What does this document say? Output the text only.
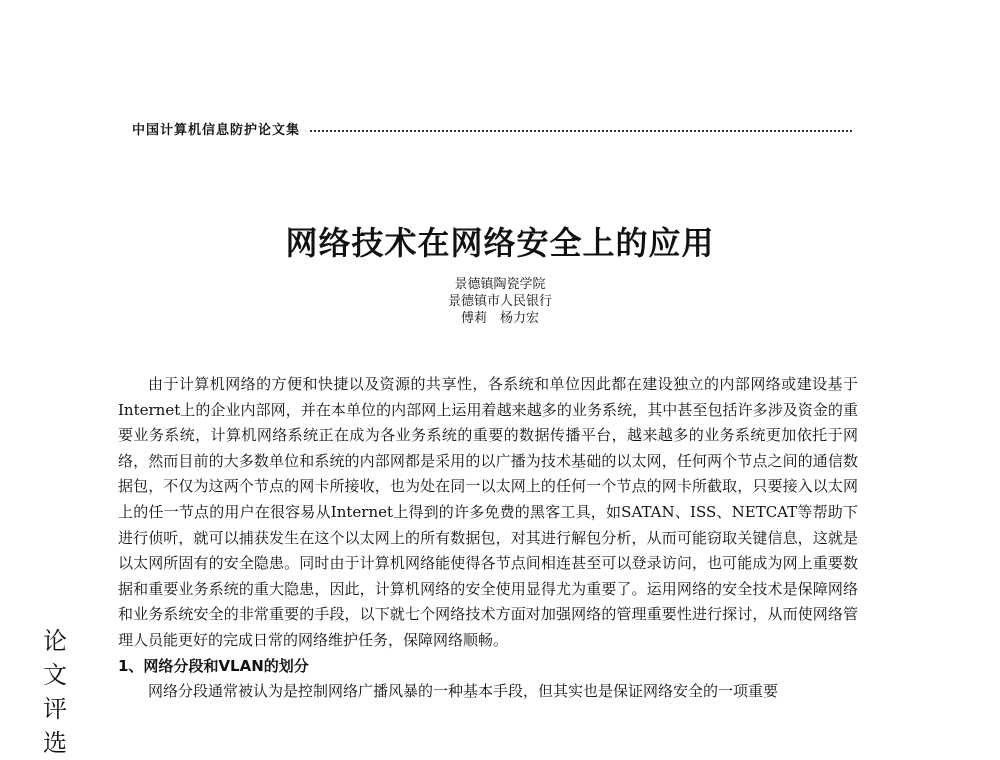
中国计算机信息防护论文集
网络技术在网络安全上的应用
景德镇陶瓷学院
景德镇市人民银行
傅莉　杨力宏

由于计算机网络的方便和快捷以及资源的共享性，各系统和单位因此都在建设独立的内部网络或建设基于Internet上的企业内部网，并在本单位的内部网上运用着越来越多的业务系统，其中甚至包括许多涉及资金的重要业务系统，计算机网络系统正在成为各业务系统的重要的数据传播平台，越来越多的业务系统更加依托于网络，然而目前的大多数单位和系统的内部网都是采用的以广播为技术基础的以太网，任何两个节点之间的通信数据包，不仅为这两个节点的网卡所接收，也为处在同一以太网上的任何一个节点的网卡所截取，只要接入以太网上的任一节点的用户在很容易从Internet上得到的许多免费的黑客工具，如SATAN、ISS、NETCAT等帮助下进行侦听，就可以捕获发生在这个以太网上的所有数据包，对其进行解包分析，从而可能窃取关键信息，这就是以太网所固有的安全隐患。同时由于计算机网络能使得各节点间相连甚至可以登录访问，也可能成为网上重要数据和重要业务系统的重大隐患，因此，计算机网络的安全使用显得尤为重要了。运用网络的安全技术是保障网络和业务系统安全的非常重要的手段，以下就七个网络技术方面对加强网络的管理重要性进行探讨，从而使网络管理人员能更好的完成日常的网络维护任务，保障网络顺畅。

1、网络分段和VLAN的划分

网络分段通常被认为是控制网络广播风暴的一种基本手段，但其实也是保证网络安全的一项重要

论
文
评
选
